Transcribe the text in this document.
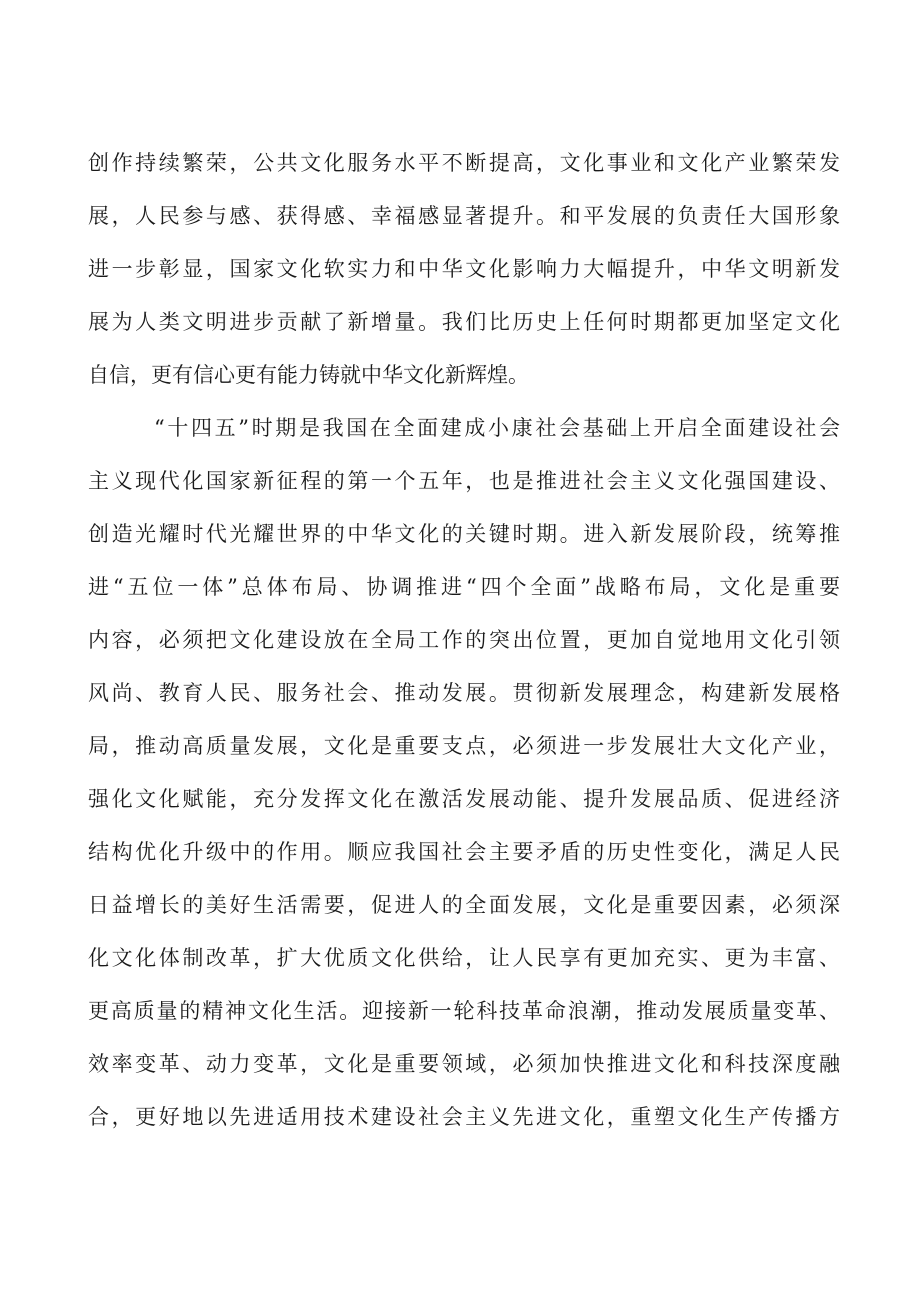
创作持续繁荣，公共文化服务水平不断提高，文化事业和文化产业繁荣发
展，人民参与感、获得感、幸福感显著提升。和平发展的负责任大国形象
进一步彰显，国家文化软实力和中华文化影响力大幅提升，中华文明新发
展为人类文明进步贡献了新增量。我们比历史上任何时期都更加坚定文化
自信，更有信心更有能力铸就中华文化新辉煌。
“十四五”时期是我国在全面建成小康社会基础上开启全面建设社会
主义现代化国家新征程的第一个五年，也是推进社会主义文化强国建设、
创造光耀时代光耀世界的中华文化的关键时期。进入新发展阶段，统筹推
进“五位一体”总体布局、协调推进“四个全面”战略布局，文化是重要
内容，必须把文化建设放在全局工作的突出位置，更加自觉地用文化引领
风尚、教育人民、服务社会、推动发展。贯彻新发展理念，构建新发展格
局，推动高质量发展，文化是重要支点，必须进一步发展壮大文化产业，
强化文化赋能，充分发挥文化在激活发展动能、提升发展品质、促进经济
结构优化升级中的作用。顺应我国社会主要矛盾的历史性变化，满足人民
日益增长的美好生活需要，促进人的全面发展，文化是重要因素，必须深
化文化体制改革，扩大优质文化供给，让人民享有更加充实、更为丰富、
更高质量的精神文化生活。迎接新一轮科技革命浪潮，推动发展质量变革、
效率变革、动力变革，文化是重要领域，必须加快推进文化和科技深度融
合，更好地以先进适用技术建设社会主义先进文化，重塑文化生产传播方
